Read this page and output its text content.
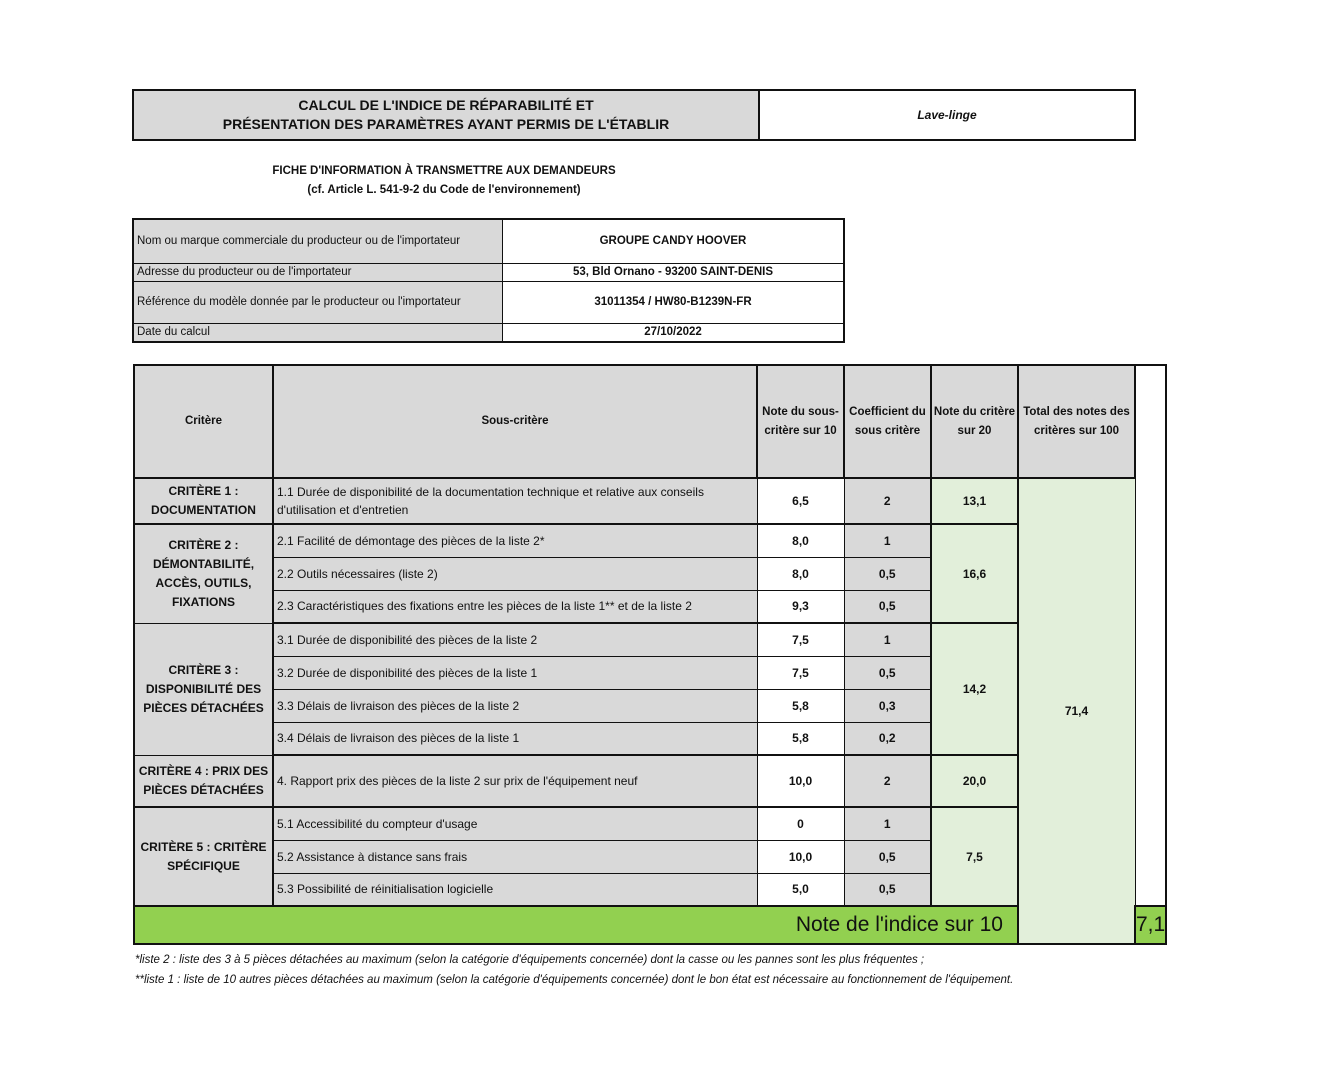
CALCUL DE L'INDICE DE RÉPARABILITÉ ET
PRÉSENTATION DES PARAMÈTRES AYANT PERMIS DE L'ÉTABLIR
Lave-linge
FICHE D'INFORMATION À TRANSMETTRE AUX DEMANDEURS
(cf. Article L. 541-9-2 du Code de l'environnement)
Nom ou marque commerciale du producteur ou de l'importateur	GROUPE CANDY HOOVER
Adresse du producteur ou de l'importateur	53, Bld Ornano - 93200 SAINT-DENIS
Référence du modèle donnée par le producteur ou l'importateur	31011354 / HW80-B1239N-FR
Date du calcul	27/10/2022
Critère	Sous-critère	Note du sous-critère sur 10	Coefficient du sous critère	Note du critère sur 20	Total des notes des critères sur 100	
CRITÈRE 1 : DOCUMENTATION	1.1 Durée de disponibilité de la documentation technique et relative aux conseils d'utilisation et d'entretien	6,5	2	13,1	71,4	
CRITÈRE 2 : DÉMONTABILITÉ, ACCÈS, OUTILS, FIXATIONS	2.1 Facilité de démontage des pièces de la liste 2*	8,0	1	16,6		
	2.2 Outils nécessaires (liste 2)	8,0	0,5			
	2.3 Caractéristiques des fixations entre les pièces de la liste 1** et de la liste 2	9,3	0,5			
CRITÈRE 3 : DISPONIBILITÉ DES PIÈCES DÉTACHÉES	3.1 Durée de disponibilité des pièces de la liste 2	7,5	1	14,2		
	3.2 Durée de disponibilité des pièces de la liste 1	7,5	0,5			
	3.3 Délais de livraison des pièces de la liste 2	5,8	0,3			
	3.4 Délais de livraison des pièces de la liste 1	5,8	0,2			
CRITÈRE 4 : PRIX DES PIÈCES DÉTACHÉES	4. Rapport prix des pièces de la liste 2 sur prix de l'équipement neuf	10,0	2	20,0		
CRITÈRE 5 : CRITÈRE SPÉCIFIQUE	5.1 Accessibilité du compteur d'usage	0	1	7,5		
	5.2 Assistance à distance sans frais	10,0	0,5			
	5.3 Possibilité de réinitialisation logicielle	5,0	0,5			
Note de l'indice sur 10						7,1
*liste 2 : liste des 3 à 5 pièces détachées au maximum (selon la catégorie d'équipements concernée) dont la casse ou les pannes sont les plus fréquentes ;
**liste 1 : liste de 10 autres pièces détachées au maximum (selon la catégorie d'équipements concernée) dont le bon état est nécessaire au fonctionnement de l'équipement.
